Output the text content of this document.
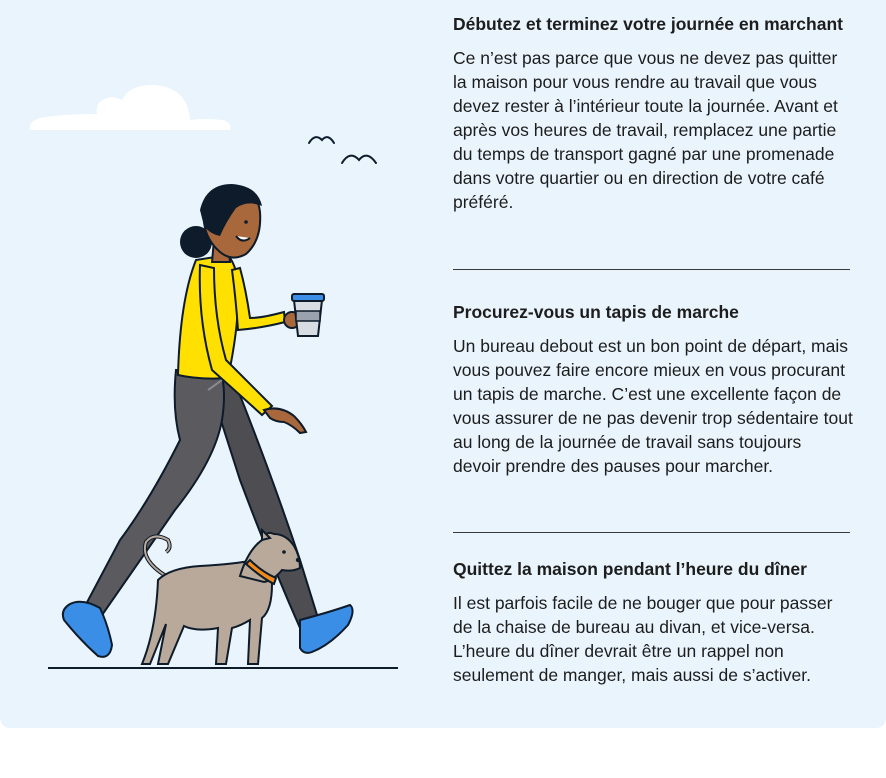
Débutez et terminez votre journée en marchant

Ce n’est pas parce que vous ne devez pas quitter la maison pour vous rendre au travail que vous devez rester à l’intérieur toute la journée. Avant et après vos heures de travail, remplacez une partie du temps de transport gagné par une promenade dans votre quartier ou en direction de votre café préféré.

Procurez-vous un tapis de marche

Un bureau debout est un bon point de départ, mais vous pouvez faire encore mieux en vous procurant un tapis de marche. C’est une excellente façon de vous assurer de ne pas devenir trop sédentaire tout au long de la journée de travail sans toujours devoir prendre des pauses pour marcher.

Quittez la maison pendant l’heure du dîner

Il est parfois facile de ne bouger que pour passer de la chaise de bureau au divan, et vice-versa. L’heure du dîner devrait être un rappel non seulement de manger, mais aussi de s’activer.
